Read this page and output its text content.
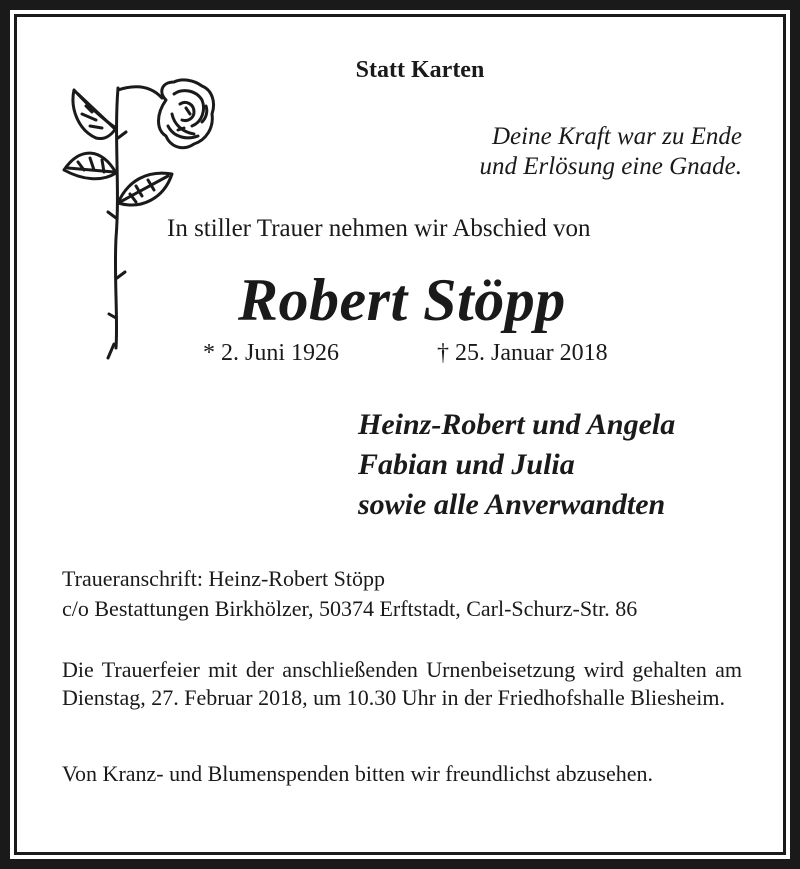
Statt Karten
Deine Kraft war zu Ende
und Erlösung eine Gnade.
In stiller Trauer nehmen wir Abschied von
Robert Stöpp
* 2. Juni 1926	† 25. Januar 2018
Heinz-Robert und Angela
Fabian und Julia
sowie alle Anverwandten
Traueranschrift: Heinz-Robert Stöpp
c/o Bestattungen Birkhölzer, 50374 Erftstadt, Carl-Schurz-Str. 86
Die Trauerfeier mit der anschließenden Urnenbeisetzung wird gehalten am Dienstag, 27. Februar 2018, um 10.30 Uhr in der Friedhofshalle Bliesheim.
Von Kranz- und Blumenspenden bitten wir freundlichst abzusehen.
